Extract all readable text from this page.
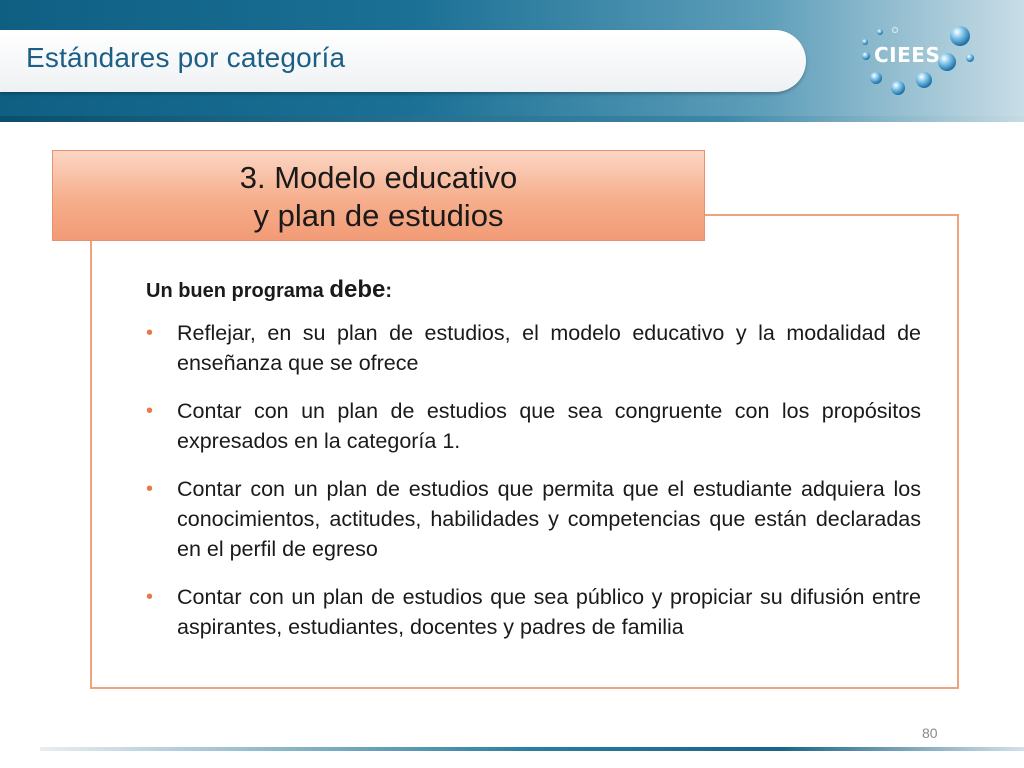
Estándares por categoría	CIEES
3. Modelo educativo
y plan de estudios

Un buen programa debe:

• Reflejar, en su plan de estudios, el modelo educativo y la modalidad de enseñanza que se ofrece
• Contar con un plan de estudios que sea congruente con los propósitos expresados en la categoría 1.
• Contar con un plan de estudios que permita que el estudiante adquiera los conocimientos, actitudes, habilidades y competencias que están declaradas en el perfil de egreso
• Contar con un plan de estudios que sea público y propiciar su difusión entre aspirantes, estudiantes, docentes y padres de familia
80
